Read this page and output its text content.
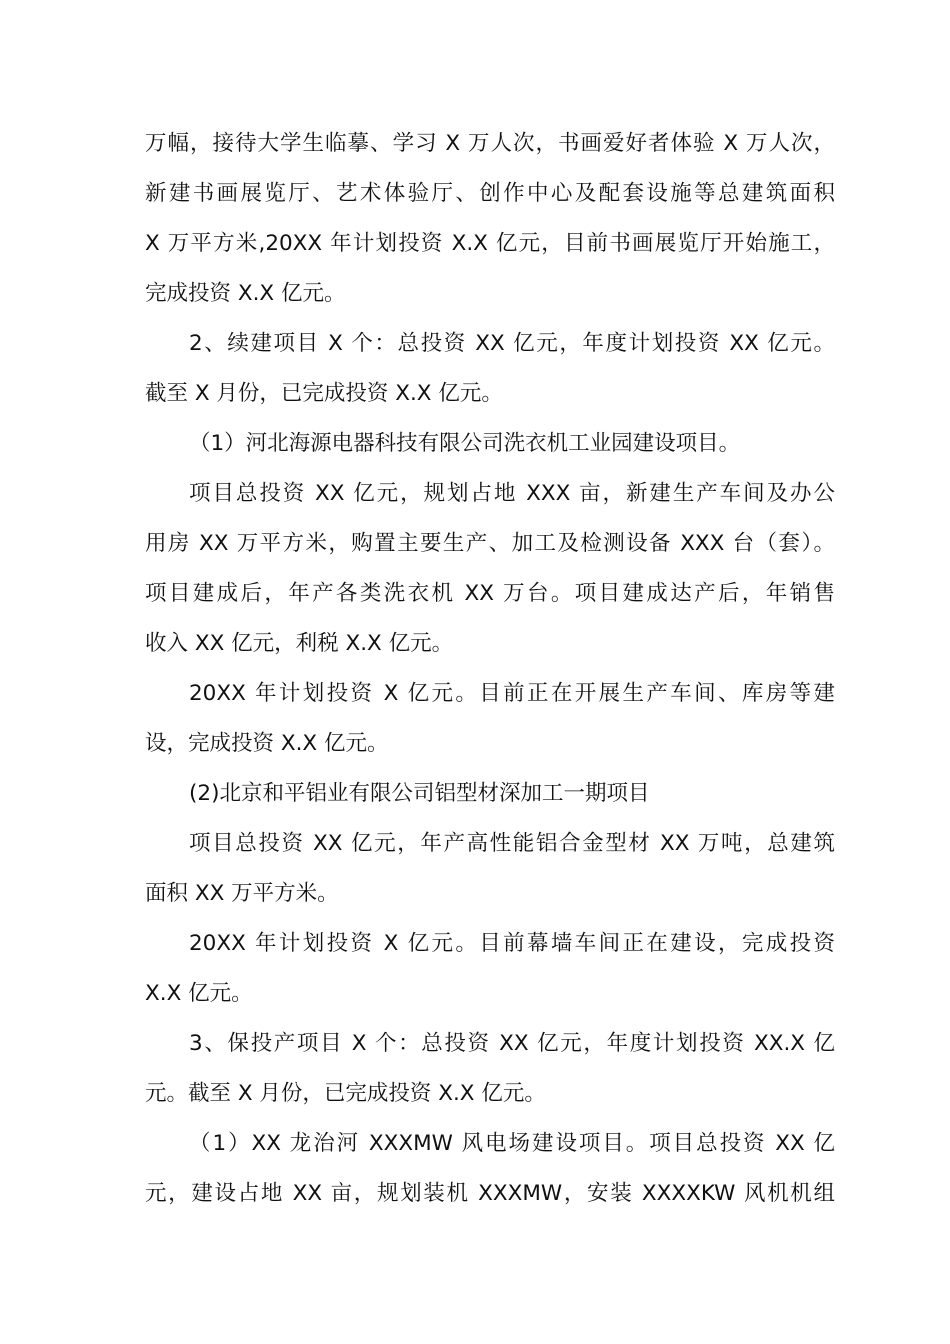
万幅，接待大学生临摹、学习 X 万人次，书画爱好者体验 X 万人次，

新建书画展览厅、艺术体验厅、创作中心及配套设施等总建筑面积

X 万平方米,20XX 年计划投资 X.X 亿元，目前书画展览厅开始施工，

完成投资 X.X 亿元。

2、续建项目 X 个：总投资 XX 亿元，年度计划投资 XX 亿元。

截至 X 月份，已完成投资 X.X 亿元。

（1）河北海源电器科技有限公司洗衣机工业园建设项目。

项目总投资 XX 亿元，规划占地 XXX 亩，新建生产车间及办公

用房 XX 万平方米，购置主要生产、加工及检测设备 XXX 台（套）。

项目建成后，年产各类洗衣机 XX 万台。项目建成达产后，年销售

收入 XX 亿元，利税 X.X 亿元。

20XX 年计划投资 X 亿元。目前正在开展生产车间、库房等建

设，完成投资 X.X 亿元。

(2)北京和平铝业有限公司铝型材深加工一期项目

项目总投资 XX 亿元，年产高性能铝合金型材 XX 万吨，总建筑

面积 XX 万平方米。

20XX 年计划投资 X 亿元。目前幕墙车间正在建设，完成投资

X.X 亿元。

3、保投产项目 X 个：总投资 XX 亿元，年度计划投资 XX.X 亿

元。截至 X 月份，已完成投资 X.X 亿元。

（1）XX 龙治河 XXXMW 风电场建设项目。项目总投资 XX 亿

元，建设占地 XX 亩，规划装机 XXXMW，安装 XXXXKW 风机机组
